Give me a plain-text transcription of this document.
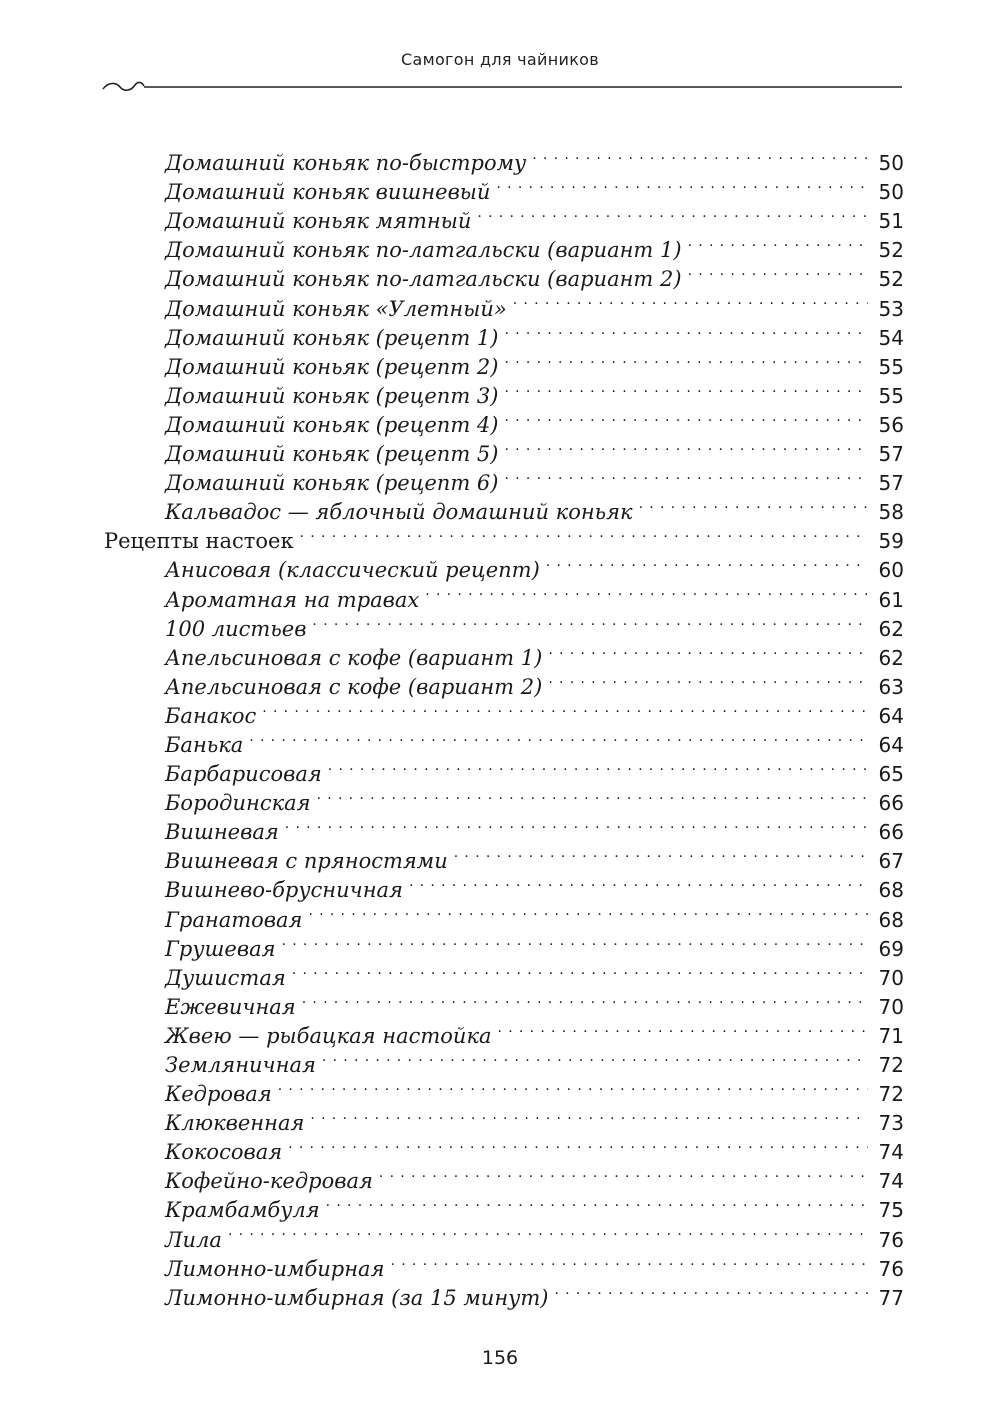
Самогон для чайников
Домашний коньяк по-быстрому . . .	50
Домашний коньяк вишневый . . .	50
Домашний коньяк мятный . . .	51
Домашний коньяк по-латгальски (вариант 1) . . .	52
Домашний коньяк по-латгальски (вариант 2) . . .	52
Домашний коньяк «Улетный» . . .	53
Домашний коньяк (рецепт 1) . . .	54
Домашний коньяк (рецепт 2) . . .	55
Домашний коньяк (рецепт 3) . . .	55
Домашний коньяк (рецепт 4) . . .	56
Домашний коньяк (рецепт 5) . . .	57
Домашний коньяк (рецепт 6) . . .	57
Кальвадос — яблочный домашний коньяк . . .	58
Рецепты настоек . . .	59
Анисовая (классический рецепт) . . .	60
Ароматная на травах . . .	61
100 листьев . . .	62
Апельсиновая с кофе (вариант 1) . . .	62
Апельсиновая с кофе (вариант 2) . . .	63
Банакос . . .	64
Банька . . .	64
Барбарисовая . . .	65
Бородинская . . .	66
Вишневая . . .	66
Вишневая с пряностями . . .	67
Вишнево-брусничная . . .	68
Гранатовая . . .	68
Грушевая . . .	69
Душистая . . .	70
Ежевичная . . .	70
Жвею — рыбацкая настойка . . .	71
Земляничная . . .	72
Кедровая . . .	72
Клюквенная . . .	73
Кокосовая . . .	74
Кофейно-кедровая . . .	74
Крамбамбуля . . .	75
Лила . . .	76
Лимонно-имбирная . . .	76
Лимонно-имбирная (за 15 минут) . . .	77
156
